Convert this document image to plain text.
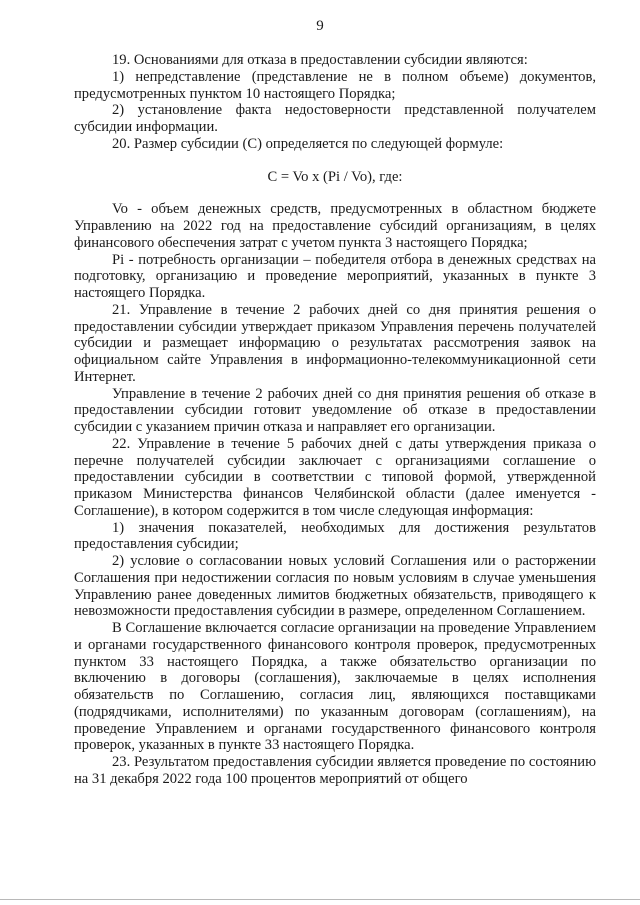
9

19. Основаниями для отказа в предоставлении субсидии являются:

1) непредставление (представление не в полном объеме) документов, предусмотренных пунктом 10 настоящего Порядка;

2) установление факта недостоверности представленной получателем субсидии информации.

20. Размер субсидии (С) определяется по следующей формуле:

C = Vo x (Pi / Vo), где:

Vo - объем денежных средств, предусмотренных в областном бюджете Управлению на 2022 год на предоставление субсидий организациям, в целях финансового обеспечения затрат с учетом пункта 3 настоящего Порядка;

Pi - потребность организации – победителя отбора в денежных средствах на подготовку, организацию и проведение мероприятий, указанных в пункте 3 настоящего Порядка.

21. Управление в течение 2 рабочих дней со дня принятия решения о предоставлении субсидии утверждает приказом Управления перечень получателей субсидии и размещает информацию о результатах рассмотрения заявок на официальном сайте Управления в информационно-телекоммуникационной сети Интернет.

Управление в течение 2 рабочих дней со дня принятия решения об отказе в предоставлении субсидии готовит уведомление об отказе в предоставлении субсидии с указанием причин отказа и направляет его организации.

22. Управление в течение 5 рабочих дней с даты утверждения приказа о перечне получателей субсидии заключает с организациями соглашение о предоставлении субсидии в соответствии с типовой формой, утвержденной приказом Министерства финансов Челябинской области (далее именуется - Соглашение), в котором содержится в том числе следующая информация:

1) значения показателей, необходимых для достижения результатов предоставления субсидии;

2) условие о согласовании новых условий Соглашения или о расторжении Соглашения при недостижении согласия по новым условиям в случае уменьшения Управлению ранее доведенных лимитов бюджетных обязательств, приводящего к невозможности предоставления субсидии в размере, определенном Соглашением.

В Соглашение включается согласие организации на проведение Управлением и органами государственного финансового контроля проверок, предусмотренных пунктом 33 настоящего Порядка, а также обязательство организации по включению в договоры (соглашения), заключаемые в целях исполнения обязательств по Соглашению, согласия лиц, являющихся поставщиками (подрядчиками, исполнителями) по указанным договорам (соглашениям), на проведение Управлением и органами государственного финансового контроля проверок, указанных в пункте 33 настоящего Порядка.

23. Результатом предоставления субсидии является проведение по состоянию на 31 декабря 2022 года 100 процентов мероприятий от общего
